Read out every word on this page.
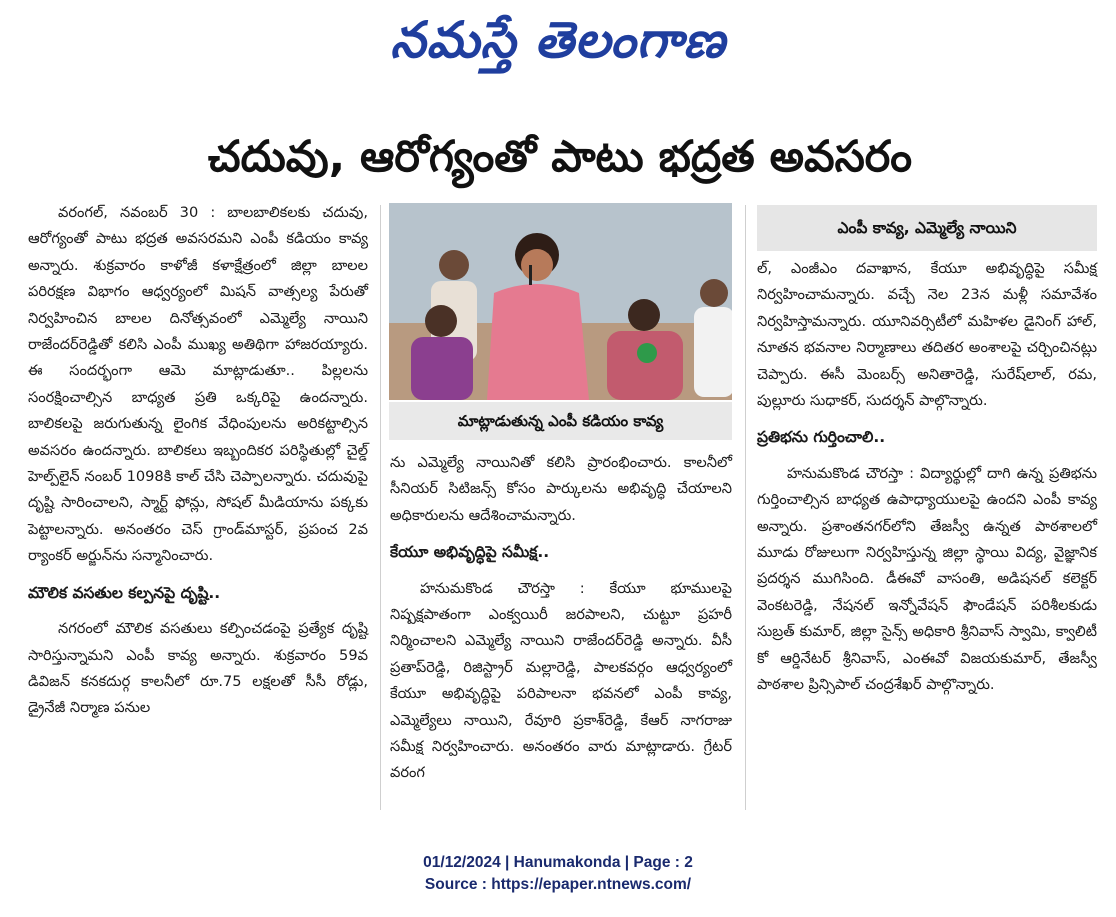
నమస్తే తెలంగాణ
చదువు, ఆరోగ్యంతో పాటు భద్రత అవసరం

వరంగల్, నవంబర్ 30 : బాలబాలికలకు చదువు, ఆరోగ్యంతో పాటు భద్రత అవసరమని ఎంపీ కడియం కావ్య అన్నారు. శుక్రవారం కాళోజీ కళాక్షేత్రంలో జిల్లా బాలల పరిరక్షణ విభాగం ఆధ్వర్యంలో మిషన్ వాత్సల్య పేరుతో నిర్వహించిన బాలల దినోత్సవంలో ఎమ్మెల్యే నాయిని రాజేందర్‌రెడ్డితో కలిసి ఎంపీ ముఖ్య అతిథిగా హాజరయ్యారు. ఈ సందర్భంగా ఆమె మాట్లాడుతూ.. పిల్లలను సంరక్షించాల్సిన బాధ్యత ప్రతి ఒక్కరిపై ఉందన్నారు. బాలికలపై జరుగుతున్న లైంగిక వేధింపులను అరికట్టాల్సిన అవసరం ఉందన్నారు. బాలికలు ఇబ్బందికర పరిస్థితుల్లో చైల్డ్ హెల్ప్‌లైన్ నంబర్ 1098కి కాల్ చేసి చెప్పాలన్నారు. చదువుపై దృష్టి సారించాలని, స్మార్ట్ ఫోన్లు, సోషల్ మీడియాను పక్కకు పెట్టాలన్నారు. అనంతరం చెస్ గ్రాండ్‌మాస్టర్, ప్రపంచ 2వ ర్యాంకర్ అర్జున్‌ను సన్మానించారు.

మౌలిక వసతుల కల్పనపై దృష్టి..

నగరంలో మౌలిక వసతులు కల్పించడంపై ప్రత్యేక దృష్టి సారిస్తున్నామని ఎంపీ కావ్య అన్నారు. శుక్రవారం 59వ డివిజన్ కనకదుర్గ కాలనీలో రూ.75 లక్షలతో సీసీ రోడ్లు, డ్రైనేజీ నిర్మాణ పనుల

మాట్లాడుతున్న ఎంపీ కడియం కావ్య

ను ఎమ్మెల్యే నాయినితో కలిసి ప్రారంభించారు. కాలనీలో సీనియర్ సిటిజన్స్ కోసం పార్కులను అభివృద్ధి చేయాలని అధికారులను ఆదేశించామన్నారు.

కేయూ అభివృద్ధిపై సమీక్ష..

హనుమకొండ చౌరస్తా : కేయూ భూములపై నిష్పక్షపాతంగా ఎంక్వయిరీ జరపాలని, చుట్టూ ప్రహరీ నిర్మించాలని ఎమ్మెల్యే నాయిని రాజేందర్‌రెడ్డి అన్నారు. వీసీ ప్రతాప్‌రెడ్డి, రిజిస్ట్రార్ మల్లారెడ్డి, పాలకవర్గం ఆధ్వర్యంలో కేయూ అభివృద్ధిపై పరిపాలనా భవనలో ఎంపీ కావ్య, ఎమ్మెల్యేలు నాయిని, రేవూరి ప్రకాశ్‌రెడ్డి, కేఆర్ నాగరాజు సమీక్ష నిర్వహించారు. అనంతరం వారు మాట్లాడారు. గ్రేటర్ వరంగ

ఎంపీ కావ్య, ఎమ్మెల్యే నాయిని

ల్, ఎంజీఎం దవాఖాన, కేయూ అభివృద్ధిపై సమీక్ష నిర్వహించామన్నారు. వచ్చే నెల 23న మళ్లీ సమావేశం నిర్వహిస్తామన్నారు. యూనివర్సిటీలో మహిళల డైనింగ్ హాల్, నూతన భవనాల నిర్మాణాలు తదితర అంశాలపై చర్చించినట్లు చెప్పారు. ఈసీ మెంబర్స్ అనితారెడ్డి, సురేష్‌లాల్, రమ, పుల్లూరు సుధాకర్, సుదర్శన్ పాల్గొన్నారు.

ప్రతిభను గుర్తించాలి..

హనుమకొండ చౌరస్తా : విద్యార్థుల్లో దాగి ఉన్న ప్రతిభను గుర్తించాల్సిన బాధ్యత ఉపాధ్యాయులపై ఉందని ఎంపీ కావ్య అన్నారు. ప్రశాంతనగర్‌లోని తేజస్వీ ఉన్నత పాఠశాలలో మూడు రోజులుగా నిర్వహిస్తున్న జిల్లా స్థాయి విద్య, వైజ్ఞానిక ప్రదర్శన ముగిసింది. డీఈవో వాసంతి, అడిషనల్ కలెక్టర్ వెంకటరెడ్డి, నేషనల్ ఇన్నోవేషన్ ఫౌండేషన్ పరిశీలకుడు సుబ్రత్ కుమార్, జిల్లా సైన్స్ అధికారి శ్రీనివాస్ స్వామి, క్వాలిటీ కో ఆర్డినేటర్ శ్రీనివాస్, ఎంఈవో విజయకుమార్, తేజస్వీ పాఠశాల ప్రిన్సిపాల్ చంద్రశేఖర్ పాల్గొన్నారు.

01/12/2024 | Hanumakonda | Page : 2
Source : https://epaper.ntnews.com/
